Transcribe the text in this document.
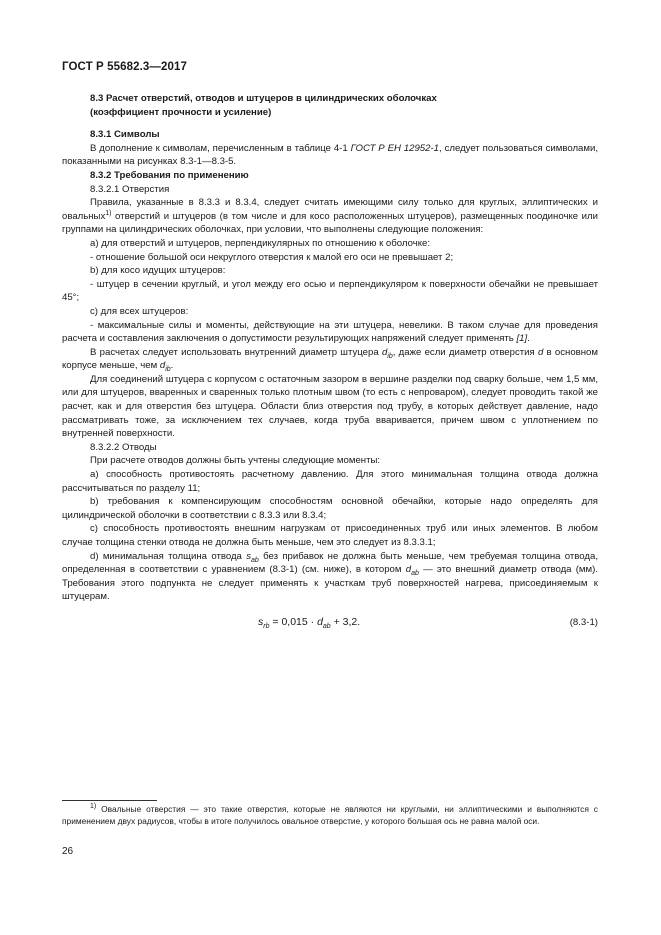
ГОСТ Р 55682.3—2017

8.3 Расчет отверстий, отводов и штуцеров в цилиндрических оболочках

(коэффициент прочности и усиление)

8.3.1 Символы

В дополнение к символам, перечисленным в таблице 4-1 ГОСТ Р ЕН 12952-1, следует пользоваться символами, показанными на рисунках 8.3-1—8.3-5.

8.3.2 Требования по применению

8.3.2.1 Отверстия

Правила, указанные в 8.3.3 и 8.3.4, следует считать имеющими силу только для круглых, эллиптических и овальных$^{1)}$ отверстий и штуцеров (в том числе и для косо расположенных штуцеров), размещенных поодиночке или группами на цилиндрических оболочках, при условии, что выполнены следующие положения:

а) для отверстий и штуцеров, перпендикулярных по отношению к оболочке:

- отношение большой оси некруглого отверстия к малой его оси не превышает 2;

b) для косо идущих штуцеров:

- штуцер в сечении круглый, и угол между его осью и перпендикуляром к поверхности обечайки не превышает 45°;

с) для всех штуцеров:

- максимальные силы и моменты, действующие на эти штуцера, невелики. В таком случае для проведения расчета и составления заключения о допустимости результирующих напряжений следует применять [1].

В расчетах следует использовать внутренний диаметр штуцера $d_{ib}$, даже если диаметр отверстия d в основном корпусе меньше, чем $d_{ib}$.

Для соединений штуцера с корпусом с остаточным зазором в вершине разделки под сварку больше, чем 1,5 мм, или для штуцеров, вваренных и сваренных только плотным швом (то есть с непроваром), следует проводить такой же расчет, как и для отверстия без штуцера. Области близ отверстия под трубу, в которых действует давление, надо рассматривать тоже, за исключением тех случаев, когда труба вваривается, причем швом с уплотнением по внутренней поверхности.

8.3.2.2 Отводы

При расчете отводов должны быть учтены следующие моменты:

а) способность противостоять расчетному давлению. Для этого минимальная толщина отвода должна рассчитываться по разделу 11;

b) требования к компенсирующим способностям основной обечайки, которые надо определять для цилиндрической оболочки в соответствии с 8.3.3 или 8.3.4;

с) способность противостоять внешним нагрузкам от присоединенных труб или иных элементов. В любом случае толщина стенки отвода не должна быть меньше, чем это следует из 8.3.3.1;

d) минимальная толщина отвода $s_{ab}$ без прибавок не должна быть меньше, чем требуемая толщина отвода, определенная в соответствии с уравнением (8.3-1) (см. ниже), в котором $d_{ab}$ — это внешний диаметр отвода (мм). Требования этого подпункта не следует применять к участкам труб поверхностей нагрева, присоединяемым к штуцерам.

$s_{rb} = 0,015 \cdot d_{ab} + 3,2$.	(8.3-1)

$^{1)}$ Овальные отверстия — это такие отверстия, которые не являются ни круглыми, ни эллиптическими и выполняются с применением двух радиусов, чтобы в итоге получилось овальное отверстие, у которого большая ось не равна малой оси.

26
